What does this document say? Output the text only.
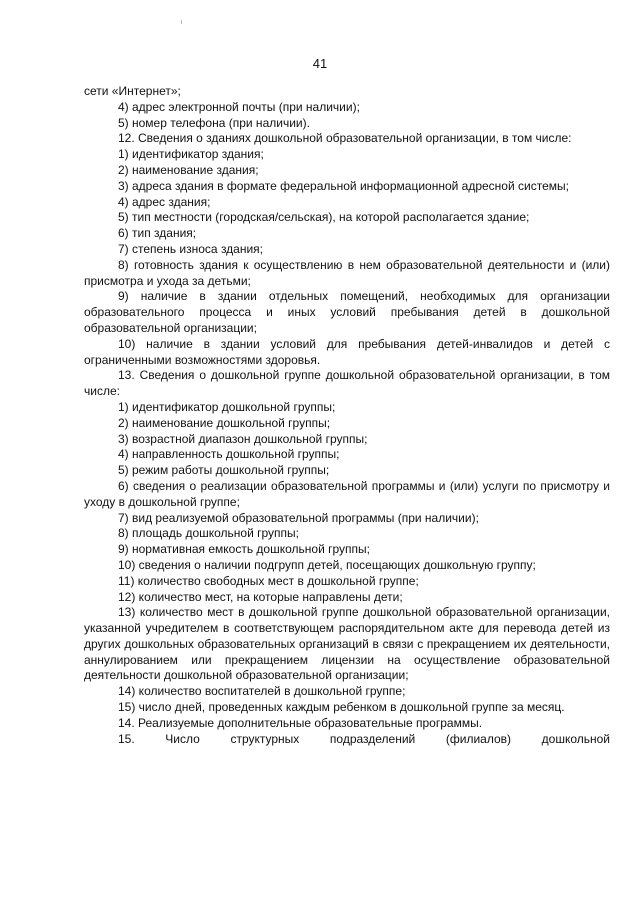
41

сети «Интернет»;

4) адрес электронной почты (при наличии);

5) номер телефона (при наличии).

12. Сведения о зданиях дошкольной образовательной организации, в том числе:

1) идентификатор здания;

2) наименование здания;

3) адреса здания в формате федеральной информационной адресной системы;

4) адрес здания;

5) тип местности (городская/сельская), на которой располагается здание;

6) тип здания;

7) степень износа здания;

8) готовность здания к осуществлению в нем образовательной деятельности и (или) присмотра и ухода за детьми;

9) наличие в здании отдельных помещений, необходимых для организации образовательного процесса и иных условий пребывания детей в дошкольной образовательной организации;

10) наличие в здании условий для пребывания детей-инвалидов и детей с ограниченными возможностями здоровья.

13. Сведения о дошкольной группе дошкольной образовательной организации, в том числе:

1) идентификатор дошкольной группы;

2) наименование дошкольной группы;

3) возрастной диапазон дошкольной группы;

4) направленность дошкольной группы;

5) режим работы дошкольной группы;

6) сведения о реализации образовательной программы и (или) услуги по присмотру и уходу в дошкольной группе;

7) вид реализуемой образовательной программы (при наличии);

8) площадь дошкольной группы;

9) нормативная емкость дошкольной группы;

10) сведения о наличии подгрупп детей, посещающих дошкольную группу;

11) количество свободных мест в дошкольной группе;

12) количество мест, на которые направлены дети;

13) количество мест в дошкольной группе дошкольной образовательной организации, указанной учредителем в соответствующем распорядительном акте для перевода детей из других дошкольных образовательных организаций в связи с прекращением их деятельности, аннулированием или прекращением лицензии на осуществление образовательной деятельности дошкольной образовательной организации;

14) количество воспитателей в дошкольной группе;

15) число дней, проведенных каждым ребенком в дошкольной группе за месяц.

14. Реализуемые дополнительные образовательные программы.

15. Число структурных подразделений (филиалов) дошкольной
